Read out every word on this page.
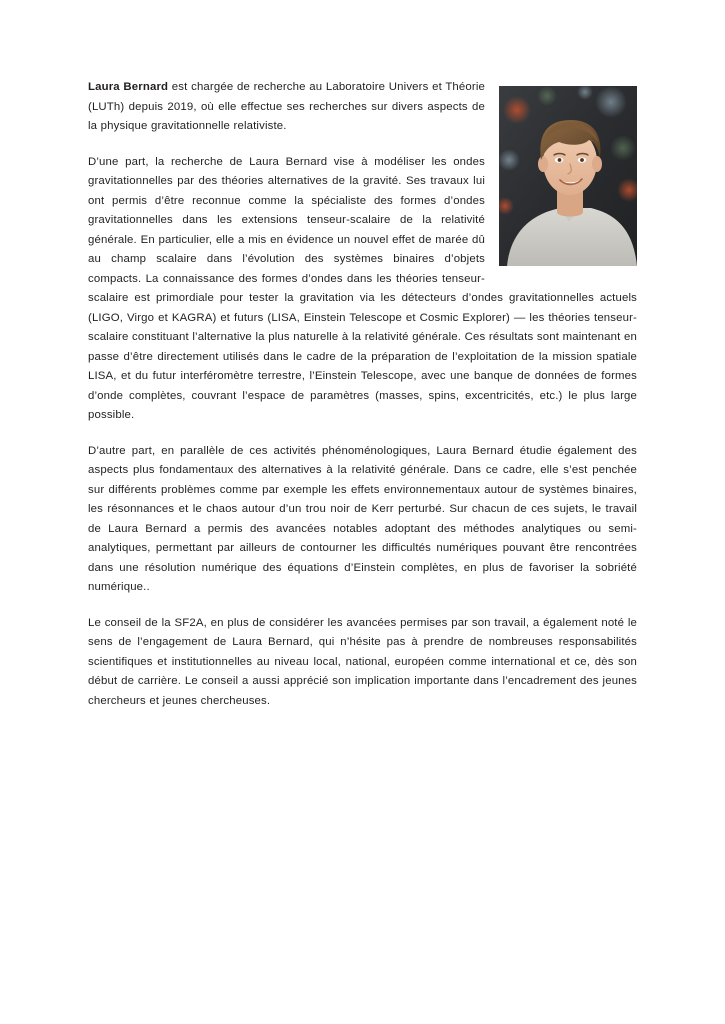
Laura Bernard est chargée de recherche au Laboratoire Univers et Théorie (LUTh) depuis 2019, où elle effectue ses recherches sur divers aspects de la physique gravitationnelle relativiste.

D’une part, la recherche de Laura Bernard vise à modéliser les ondes gravitationnelles par des théories alternatives de la gravité. Ses travaux lui ont permis d’être reconnue comme la spécialiste des formes d’ondes gravitationnelles dans les extensions tenseur-scalaire de la relativité générale. En particulier, elle a mis en évidence un nouvel effet de marée dû au champ scalaire dans l’évolution des systèmes binaires d’objets compacts. La connaissance des formes d’ondes dans les théories tenseur-scalaire est primordiale pour tester la gravitation via les détecteurs d’ondes gravitationnelles actuels (LIGO, Virgo et KAGRA) et futurs (LISA, Einstein Telescope et Cosmic Explorer) — les théories tenseur-scalaire constituant l’alternative la plus naturelle à la relativité générale. Ces résultats sont maintenant en passe d’être directement utilisés dans le cadre de la préparation de l’exploitation de la mission spatiale LISA, et du futur interféromètre terrestre, l’Einstein Telescope, avec une banque de données de formes d’onde complètes, couvrant l’espace de paramètres (masses, spins, excentricités, etc.) le plus large possible.

D’autre part, en parallèle de ces activités phénoménologiques, Laura Bernard étudie également des aspects plus fondamentaux des alternatives à la relativité générale. Dans ce cadre, elle s’est penchée sur différents problèmes comme par exemple les effets environnementaux autour de systèmes binaires, les résonnances et le chaos autour d’un trou noir de Kerr perturbé. Sur chacun de ces sujets, le travail de Laura Bernard a permis des avancées notables adoptant des méthodes analytiques ou semi-analytiques, permettant par ailleurs de contourner les difficultés numériques pouvant être rencontrées dans une résolution numérique des équations d’Einstein complètes, en plus de favoriser la sobriété numérique..

Le conseil de la SF2A, en plus de considérer les avancées permises par son travail, a également noté le sens de l’engagement de Laura Bernard, qui n’hésite pas à prendre de nombreuses responsabilités scientifiques et institutionnelles au niveau local, national, européen comme international et ce, dès son début de carrière. Le conseil a aussi apprécié son implication importante dans l’encadrement des jeunes chercheurs et jeunes chercheuses.
